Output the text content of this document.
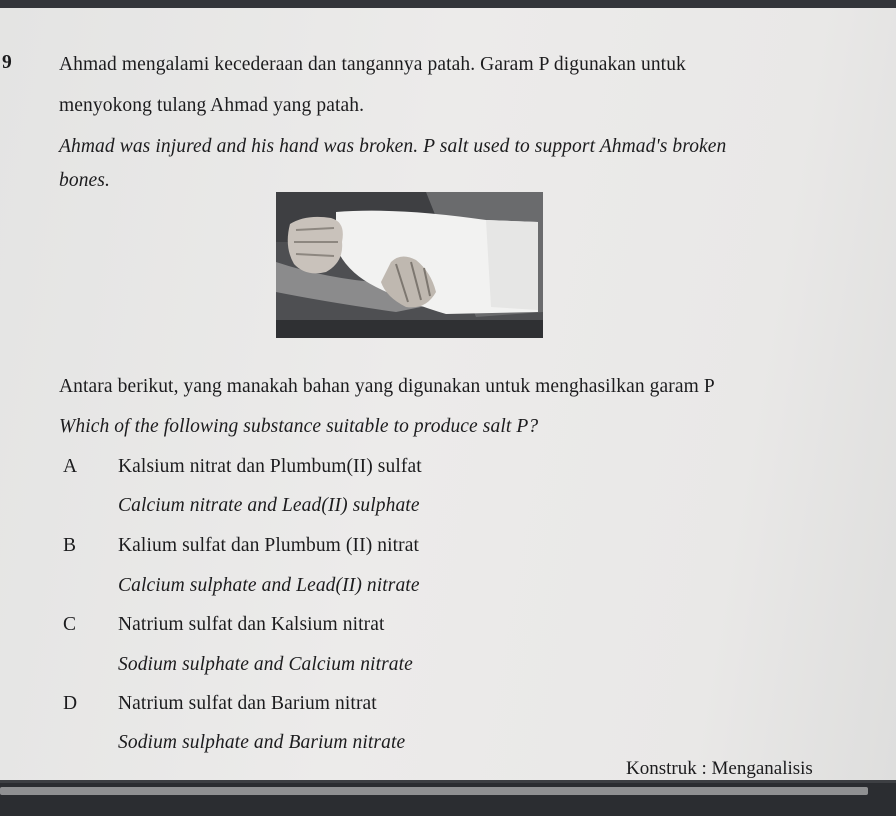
9 Ahmad mengalami kecederaan dan tangannya patah. Garam P digunakan untuk
menyokong tulang Ahmad yang patah.
Ahmad was injured and his hand was broken. P salt used to support Ahmad's broken
bones.
Antara berikut, yang manakah bahan yang digunakan untuk menghasilkan garam P
Which of the following substance suitable to produce salt P?
A Kalsium nitrat dan Plumbum(II) sulfat
Calcium nitrate and Lead(II) sulphate
B Kalium sulfat dan Plumbum (II) nitrat
Calcium sulphate and Lead(II) nitrate
C Natrium sulfat dan Kalsium nitrat
Sodium sulphate and Calcium nitrate
D Natrium sulfat dan Barium nitrat
Sodium sulphate and Barium nitrate
Konstruk : Menganalisis
